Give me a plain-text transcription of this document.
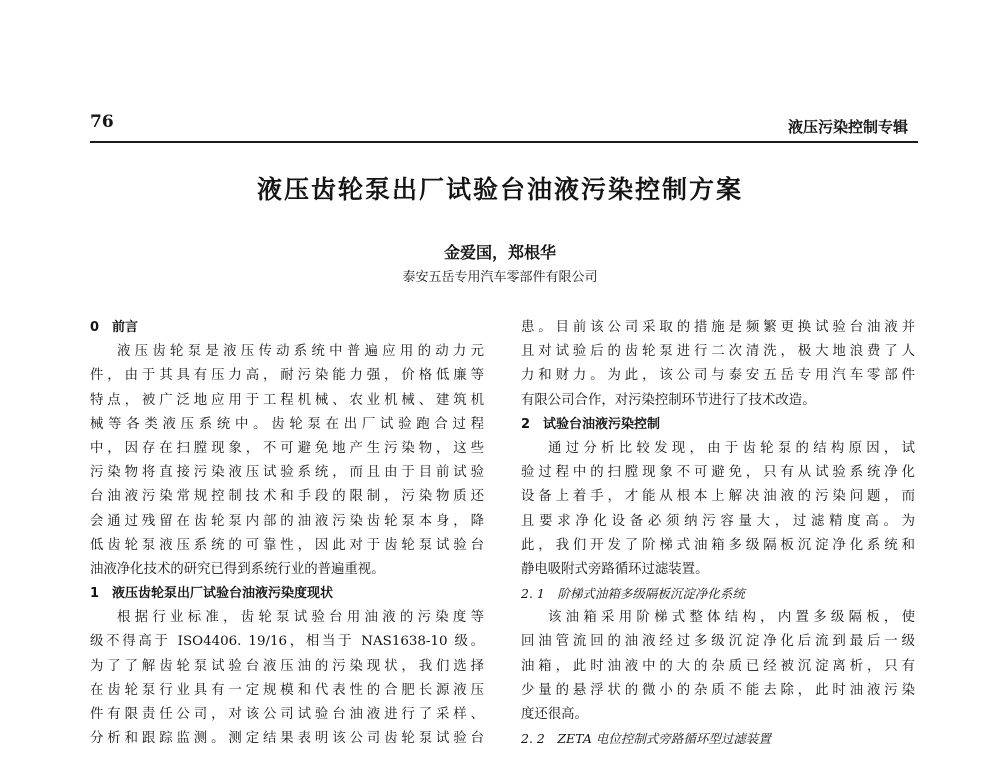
76	液压污染控制专辑
液压齿轮泵出厂试验台油液污染控制方案
金爱国，郑根华
泰安五岳专用汽车零部件有限公司
0　前言
液压齿轮泵是液压传动系统中普遍应用的动力元
件，由于其具有压力高，耐污染能力强，价格低廉等
特点，被广泛地应用于工程机械、农业机械、建筑机
械等各类液压系统中。齿轮泵在出厂试验跑合过程
中，因存在扫膛现象，不可避免地产生污染物，这些
污染物将直接污染液压试验系统，而且由于目前试验
台油液污染常规控制技术和手段的限制，污染物质还
会通过残留在齿轮泵内部的油液污染齿轮泵本身，降
低齿轮泵液压系统的可靠性，因此对于齿轮泵试验台
油液净化技术的研究已得到系统行业的普遍重视。
1　液压齿轮泵出厂试验台油液污染度现状
根据行业标准，齿轮泵试验台用油液的污染度等
级不得高于 ISO4406. 19/16，相当于 NAS1638-10 级。
为了了解齿轮泵试验台液压油的污染现状，我们选择
在齿轮泵行业具有一定规模和代表性的合肥长源液压
件有限责任公司，对该公司试验台油液进行了采样、
分析和跟踪监测。测定结果表明该公司齿轮泵试验台
患。目前该公司采取的措施是频繁更换试验台油液并
且对试验后的齿轮泵进行二次清洗，极大地浪费了人
力和财力。为此，该公司与泰安五岳专用汽车零部件
有限公司合作，对污染控制环节进行了技术改造。
2　试验台油液污染控制
通过分析比较发现，由于齿轮泵的结构原因，试
验过程中的扫膛现象不可避免，只有从试验系统净化
设备上着手，才能从根本上解决油液的污染问题，而
且要求净化设备必须纳污容量大，过滤精度高。为
此，我们开发了阶梯式油箱多级隔板沉淀净化系统和
静电吸附式旁路循环过滤装置。
2. 1　阶梯式油箱多级隔板沉淀净化系统
该油箱采用阶梯式整体结构，内置多级隔板，使
回油管流回的油液经过多级沉淀净化后流到最后一级
油箱，此时油液中的大的杂质已经被沉淀离析，只有
少量的悬浮状的微小的杂质不能去除，此时油液污染
度还很高。
2. 2　ZETA 电位控制式旁路循环型过滤装置
